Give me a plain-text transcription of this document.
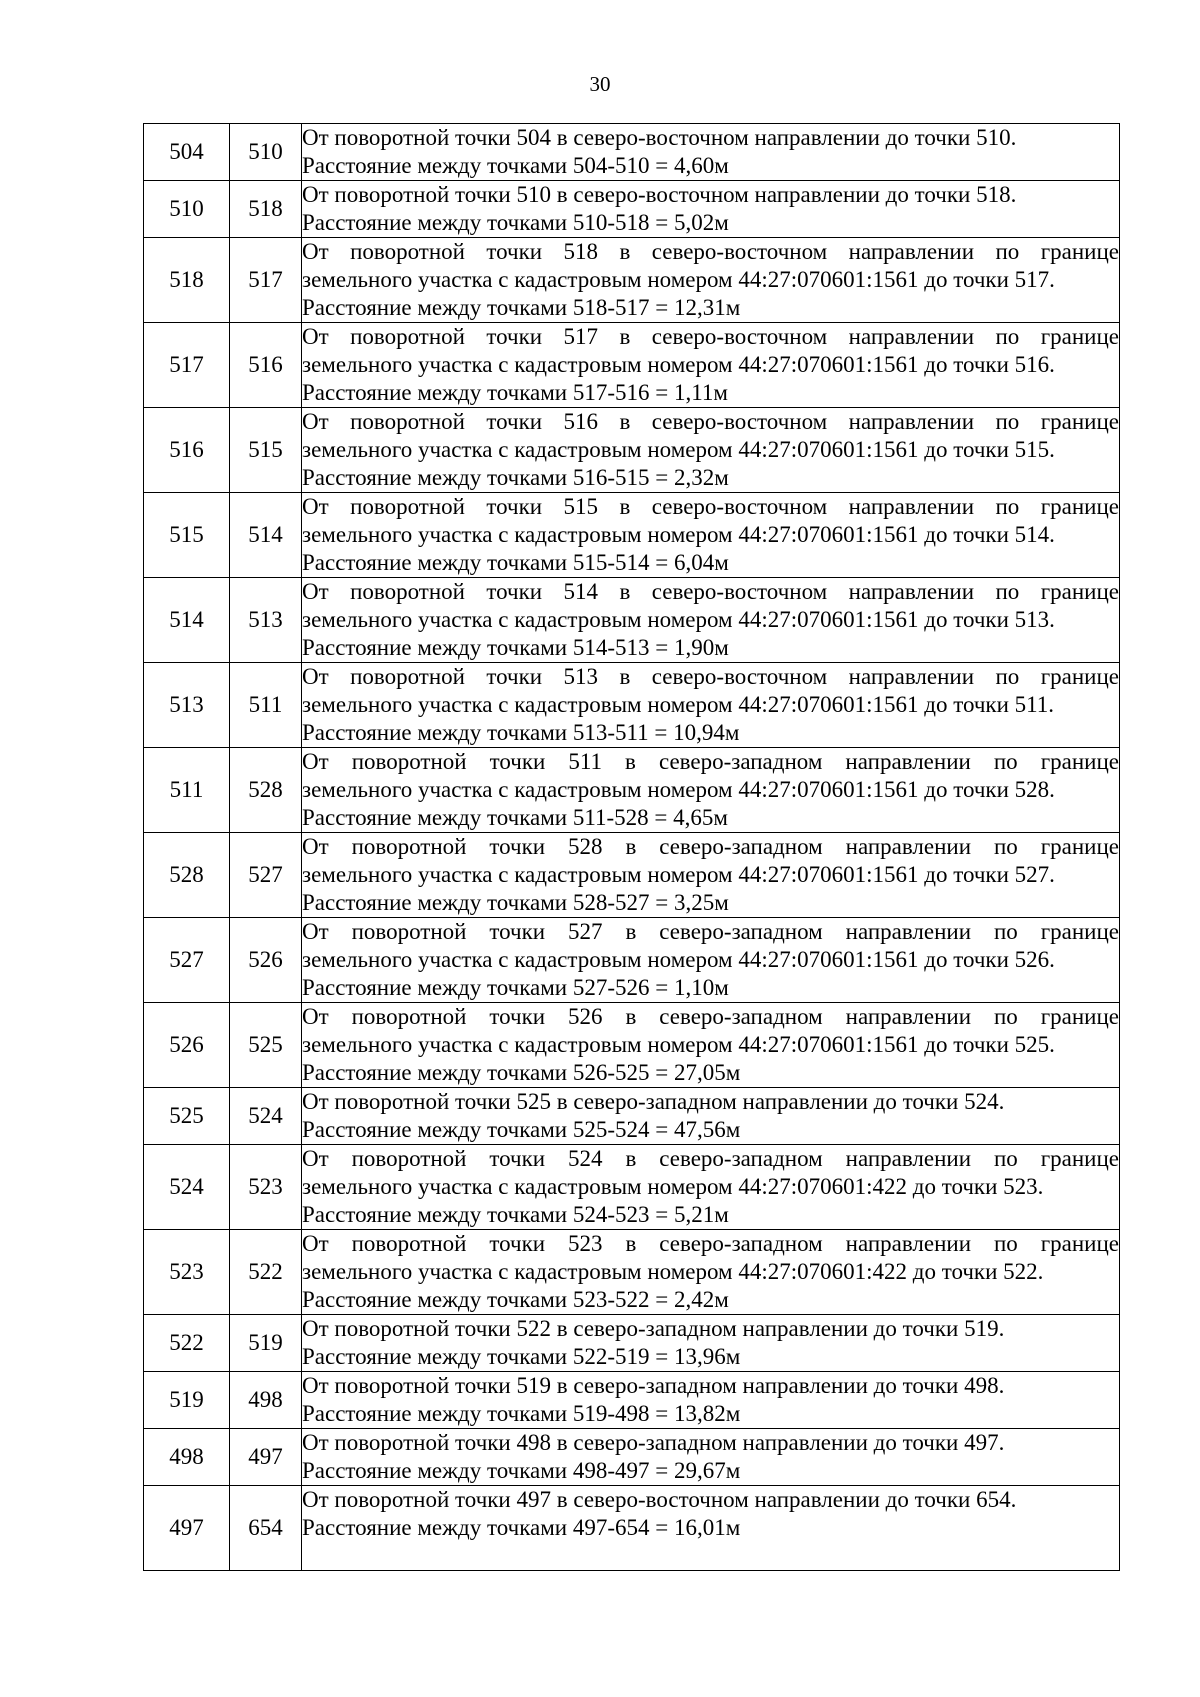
30
504	510	От поворотной точки 504 в северо-восточном направлении до точки 510.
Расстояние между точками 504-510 = 4,60м

510	518	От поворотной точки 510 в северо-восточном направлении до точки 518.
Расстояние между точками 510-518 = 5,02м

518	517	От поворотной точки 518 в северо-восточном направлении по границе
земельного участка с кадастровым номером 44:27:070601:1561 до точки 517.
Расстояние между точками 518-517 = 12,31м

517	516	От поворотной точки 517 в северо-восточном направлении по границе
земельного участка с кадастровым номером 44:27:070601:1561 до точки 516.
Расстояние между точками 517-516 = 1,11м

516	515	От поворотной точки 516 в северо-восточном направлении по границе
земельного участка с кадастровым номером 44:27:070601:1561 до точки 515.
Расстояние между точками 516-515 = 2,32м

515	514	От поворотной точки 515 в северо-восточном направлении по границе
земельного участка с кадастровым номером 44:27:070601:1561 до точки 514.
Расстояние между точками 515-514 = 6,04м

514	513	От поворотной точки 514 в северо-восточном направлении по границе
земельного участка с кадастровым номером 44:27:070601:1561 до точки 513.
Расстояние между точками 514-513 = 1,90м

513	511	От поворотной точки 513 в северо-восточном направлении по границе
земельного участка с кадастровым номером 44:27:070601:1561 до точки 511.
Расстояние между точками 513-511 = 10,94м

511	528	От поворотной точки 511 в северо-западном направлении по границе
земельного участка с кадастровым номером 44:27:070601:1561 до точки 528.
Расстояние между точками 511-528 = 4,65м

528	527	От поворотной точки 528 в северо-западном направлении по границе
земельного участка с кадастровым номером 44:27:070601:1561 до точки 527.
Расстояние между точками 528-527 = 3,25м

527	526	От поворотной точки 527 в северо-западном направлении по границе
земельного участка с кадастровым номером 44:27:070601:1561 до точки 526.
Расстояние между точками 527-526 = 1,10м

526	525	От поворотной точки 526 в северо-западном направлении по границе
земельного участка с кадастровым номером 44:27:070601:1561 до точки 525.
Расстояние между точками 526-525 = 27,05м

525	524	От поворотной точки 525 в северо-западном направлении до точки 524.
Расстояние между точками 525-524 = 47,56м

524	523	От поворотной точки 524 в северо-западном направлении по границе
земельного участка с кадастровым номером 44:27:070601:422 до точки 523.
Расстояние между точками 524-523 = 5,21м

523	522	От поворотной точки 523 в северо-западном направлении по границе
земельного участка с кадастровым номером 44:27:070601:422 до точки 522.
Расстояние между точками 523-522 = 2,42м

522	519	От поворотной точки 522 в северо-западном направлении до точки 519.
Расстояние между точками 522-519 = 13,96м

519	498	От поворотной точки 519 в северо-западном направлении до точки 498.
Расстояние между точками 519-498 = 13,82м

498	497	От поворотной точки 498 в северо-западном направлении до точки 497.
Расстояние между точками 498-497 = 29,67м

497	654	От поворотной точки 497 в северо-восточном направлении до точки 654.
Расстояние между точками 497-654 = 16,01м
